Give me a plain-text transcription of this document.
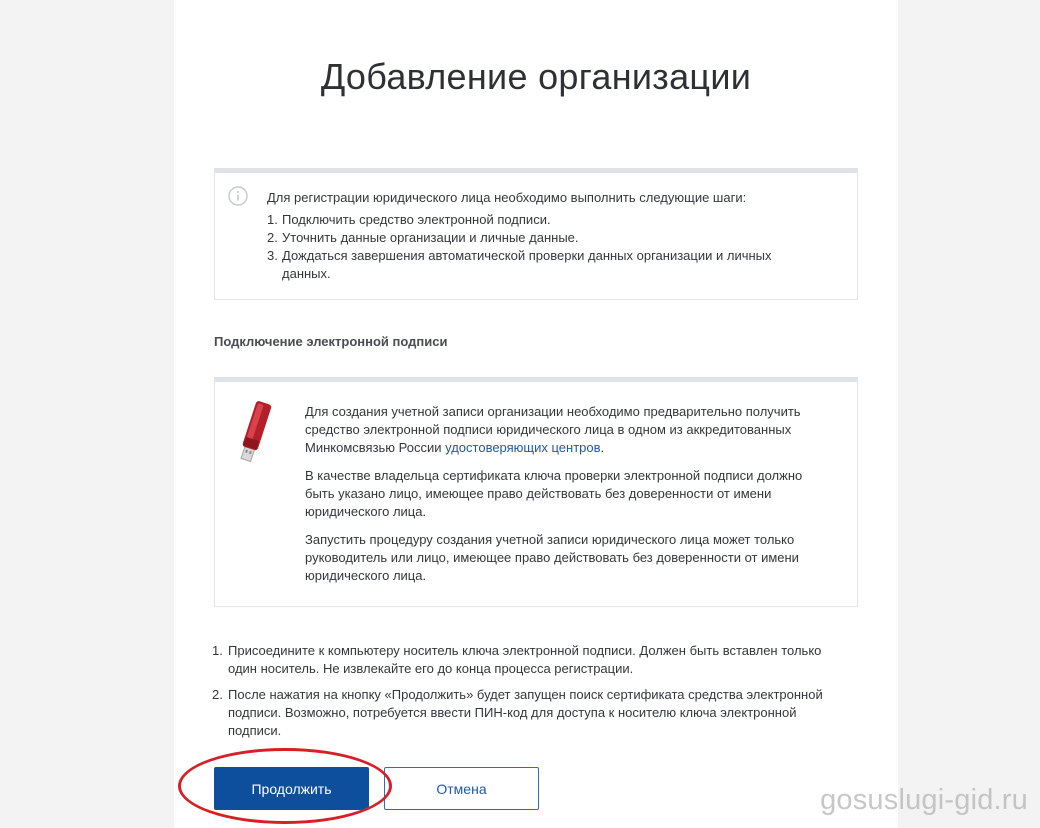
Добавление организации
Для регистрации юридического лица необходимо выполнить следующие шаги:
1. Подключить средство электронной подписи.
2. Уточнить данные организации и личные данные.
3. Дождаться завершения автоматической проверки данных организации и личных данных.
Подключение электронной подписи

Для создания учетной записи организации необходимо предварительно получить средство электронной подписи юридического лица в одном из аккредитованных Минкомсвязью России удостоверяющих центров.

В качестве владельца сертификата ключа проверки электронной подписи должно быть указано лицо, имеющее право действовать без доверенности от имени юридического лица.

Запустить процедуру создания учетной записи юридического лица может только руководитель или лицо, имеющее право действовать без доверенности от имени юридического лица.

1. Присоедините к компьютеру носитель ключа электронной подписи. Должен быть вставлен только один носитель. Не извлекайте его до конца процесса регистрации.
2. После нажатия на кнопку «Продолжить» будет запущен поиск сертификата средства электронной подписи. Возможно, потребуется ввести ПИН-код для доступа к носителю ключа электронной подписи.
Продолжить	Отмена	gosuslugi-gid.ru
